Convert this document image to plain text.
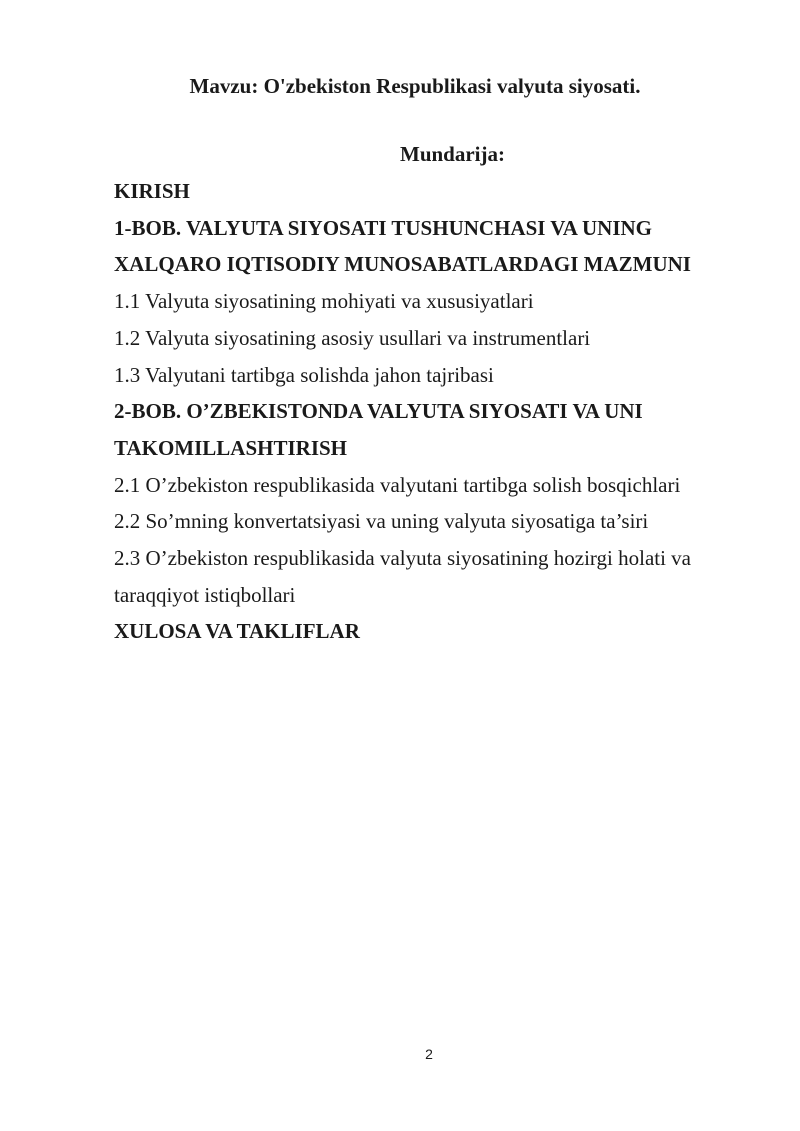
Mavzu: O'zbekiston Respublikasi valyuta siyosati.
Mundarija:
KIRISH
1-BOB. VALYUTA SIYOSATI TUSHUNCHASI VA UNING
XALQARO IQTISODIY MUNOSABATLARDAGI MAZMUNI
1.1 Valyuta siyosatining mohiyati va xususiyatlari
1.2 Valyuta siyosatining asosiy usullari va instrumentlari
1.3 Valyutani tartibga solishda jahon tajribasi
2-BOB. O’ZBEKISTONDA VALYUTA SIYOSATI VA UNI
TAKOMILLASHTIRISH
2.1 O’zbekiston respublikasida valyutani tartibga solish bosqichlari
2.2 So’mning konvertatsiyasi va uning valyuta siyosatiga ta’siri
2.3 O’zbekiston respublikasida valyuta siyosatining hozirgi holati va
taraqqiyot istiqbollari
XULOSA VA TAKLIFLAR
2
